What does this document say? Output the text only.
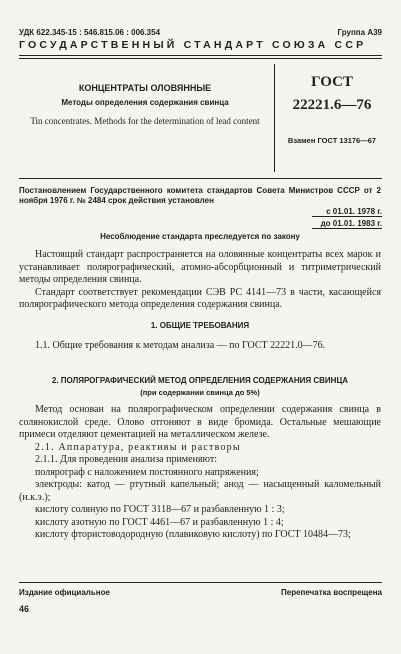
УДК 622.345-15 : 546.815.06 : 006.354	Группа А39
ГОСУДАРСТВЕННЫЙ СТАНДАРТ СОЮЗА ССР
КОНЦЕНТРАТЫ ОЛОВЯННЫЕ
Методы определения содержания свинца
Tin concentrates. Methods for the determination of lead content
ГОСТ
22221.6—76
Взамен ГОСТ 13176—67
Постановлением Государственного комитета стандартов Совета Министров СССР от 2 ноября 1976 г. № 2484 срок действия установлен
с 01.01. 1978 г.
до 01.01. 1983 г.
Несоблюдение стандарта преследуется по закону

Настоящий стандарт распространяется на оловянные концентраты всех марок и устанавливает полярографический, атомно-абсорбционный и титриметрический методы определения свинца.

Стандарт соответствует рекомендации СЭВ РС 4141—73 в части, касающейся полярографического метода определения содержания свинца.

1. ОБЩИЕ ТРЕБОВАНИЯ

1.1. Общие требования к методам анализа — по ГОСТ 22221.0—76.

2. ПОЛЯРОГРАФИЧЕСКИЙ МЕТОД ОПРЕДЕЛЕНИЯ СОДЕРЖАНИЯ СВИНЦА
(при содержании свинца до 5%)

Метод основан на полярографическом определении содержания свинца в солянокислой среде. Олово отгоняют в виде бромида. Остальные мешающие примеси отделяют цементацией на металлическом железе.

2.1. Аппаратура, реактивы и растворы

2.1.1. Для проведения анализа применяют:

полярограф с наложением постоянного напряжения;

электроды: катод — ртутный капельный; анод — насыщенный каломельный (н.к.э.);

кислоту соляную по ГОСТ 3118—67 и разбавленную 1 : 3;

кислоту азотную по ГОСТ 4461—67 и разбавленную 1 : 4;

кислоту фтористоводородную (плавиковую кислоту) по ГОСТ 10484—73;

Издание официальное	Перепечатка воспрещена
46
